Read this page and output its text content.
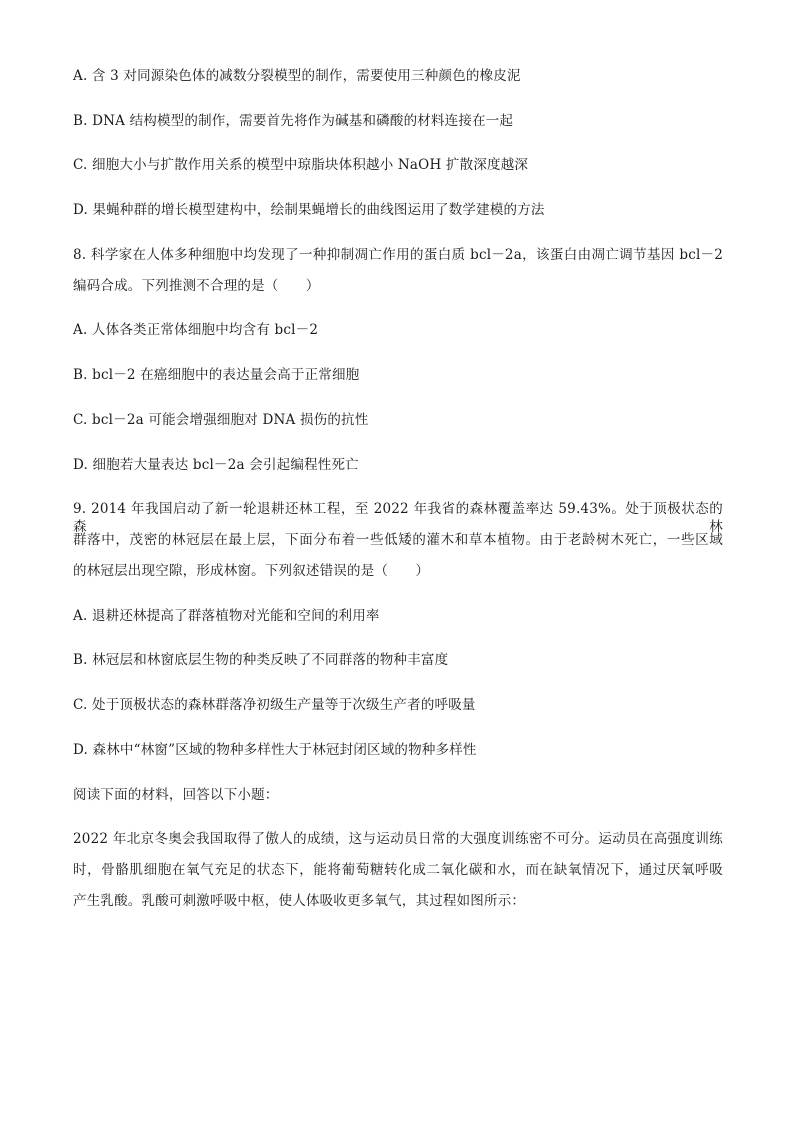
A. 含 3 对同源染色体的减数分裂模型的制作，需要使用三种颜色的橡皮泥
B. DNA 结构模型的制作，需要首先将作为碱基和磷酸的材料连接在一起
C. 细胞大小与扩散作用关系的模型中琼脂块体积越小 NaOH 扩散深度越深
D. 果蝇种群的增长模型建构中，绘制果蝇增长的曲线图运用了数学建模的方法
8. 科学家在人体多种细胞中均发现了一种抑制凋亡作用的蛋白质 bcl－2a，该蛋白由凋亡调节基因 bcl－2
编码合成。下列推测不合理的是（　　）
A. 人体各类正常体细胞中均含有 bcl－2
B. bcl－2 在癌细胞中的表达量会高于正常细胞
C. bcl－2a 可能会增强细胞对 DNA 损伤的抗性
D. 细胞若大量表达 bcl－2a 会引起编程性死亡
9. 2014 年我国启动了新一轮退耕还林工程，至 2022 年我省的森林覆盖率达 59.43%。处于顶极状态的森林
群落中，茂密的林冠层在最上层，下面分布着一些低矮的灌木和草本植物。由于老龄树木死亡，一些区域
的林冠层出现空隙，形成林窗。下列叙述错误的是（　　）
A. 退耕还林提高了群落植物对光能和空间的利用率
B. 林冠层和林窗底层生物的种类反映了不同群落的物种丰富度
C. 处于顶极状态的森林群落净初级生产量等于次级生产者的呼吸量
D. 森林中“林窗”区域的物种多样性大于林冠封闭区域的物种多样性
阅读下面的材料，回答以下小题：
2022 年北京冬奥会我国取得了傲人的成绩，这与运动员日常的大强度训练密不可分。运动员在高强度训练
时，骨骼肌细胞在氧气充足的状态下，能将葡萄糖转化成二氧化碳和水，而在缺氧情况下，通过厌氧呼吸
产生乳酸。乳酸可刺激呼吸中枢，使人体吸收更多氧气，其过程如图所示：
